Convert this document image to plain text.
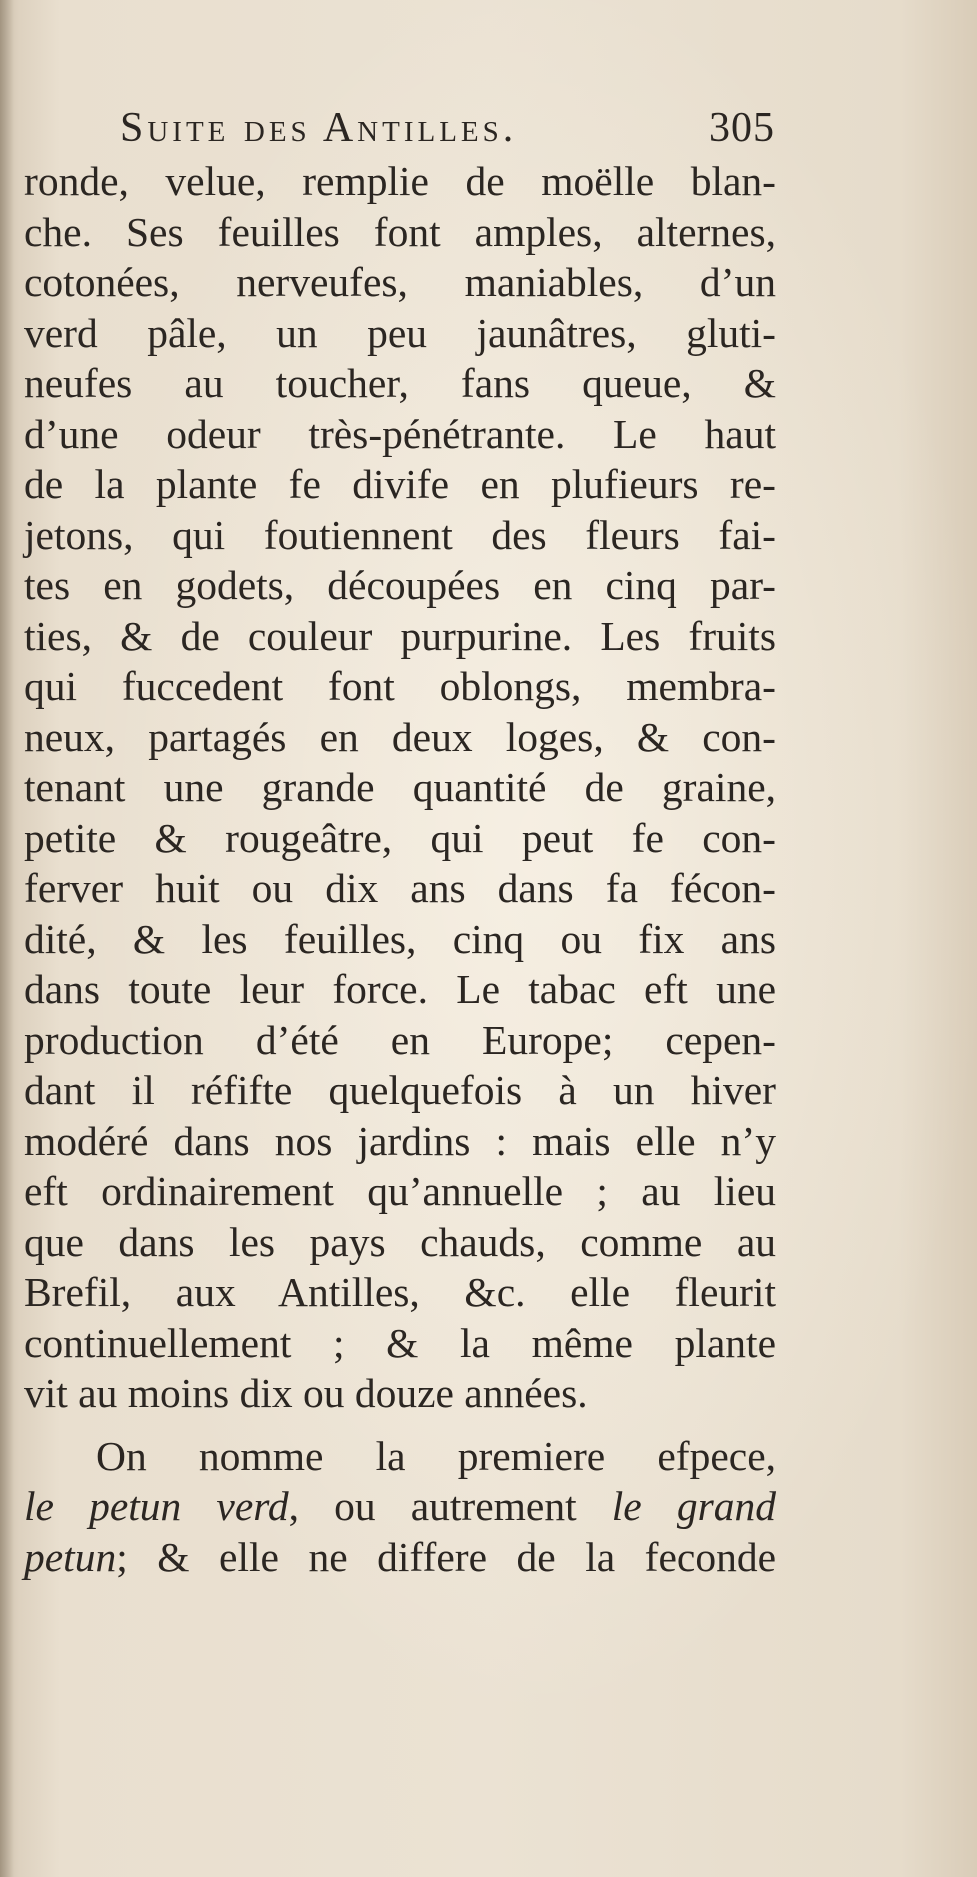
Suite des Antilles.	305
ronde, velue, remplie de moëlle blan-
che. Ses feuilles font amples, alternes,
cotonées, nerveufes, maniables, d’un
verd pâle, un peu jaunâtres, gluti-
neufes au toucher, fans queue, &
d’une odeur très-pénétrante. Le haut
de la plante fe divife en plufieurs re-
jetons, qui foutiennent des fleurs fai-
tes en godets, découpées en cinq par-
ties, & de couleur purpurine. Les fruits
qui fuccedent font oblongs, membra-
neux, partagés en deux loges, & con-
tenant une grande quantité de graine,
petite & rougeâtre, qui peut fe con-
ferver huit ou dix ans dans fa fécon-
dité, & les feuilles, cinq ou fix ans
dans toute leur force. Le tabac eft une
production d’été en Europe; cepen-
dant il réfifte quelquefois à un hiver
modéré dans nos jardins : mais elle n’y
eft ordinairement qu’annuelle ; au lieu
que dans les pays chauds, comme au
Brefil, aux Antilles, &c. elle fleurit
continuellement ; & la même plante
vit au moins dix ou douze années.
On nomme la premiere efpece,
le petun verd, ou autrement le grand
petun; & elle ne differe de la feconde
